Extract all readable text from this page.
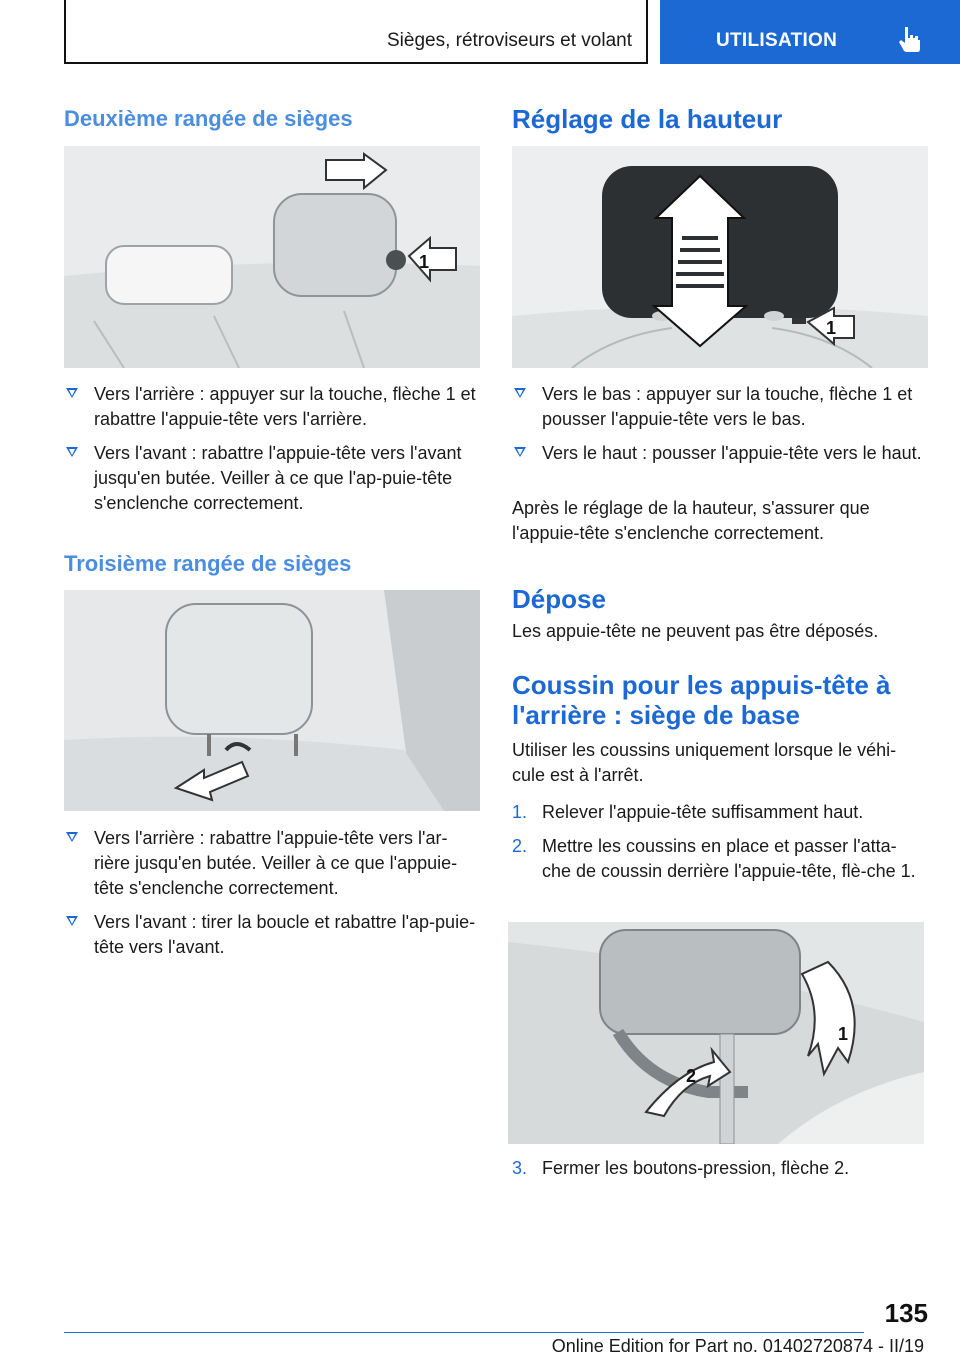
Sièges, rétroviseurs et volant	UTILISATION
Deuxième rangée de sièges
1
Vers l'arrière : appuyer sur la touche, flèche 1 et rabattre l'appuie-tête vers l'arrière.
Vers l'avant : rabattre l'appuie-tête vers l'avant jusqu'en butée. Veiller à ce que l'ap-puie-tête s'enclenche correctement.
Troisième rangée de sièges
Vers l'arrière : rabattre l'appuie-tête vers l'ar-rière jusqu'en butée. Veiller à ce que l'appuie-tête s'enclenche correctement.
Vers l'avant : tirer la boucle et rabattre l'ap-puie-tête vers l'avant.
Réglage de la hauteur
1
Vers le bas : appuyer sur la touche, flèche 1 et pousser l'appuie-tête vers le bas.
Vers le haut : pousser l'appuie-tête vers le haut.

Après le réglage de la hauteur, s'assurer que l'appuie-tête s'enclenche correctement.

Dépose

Les appuie-tête ne peuvent pas être déposés.

Coussin pour les appuis-tête à l'arrière : siège de base

Utiliser les coussins uniquement lorsque le véhi-cule est à l'arrêt.

1. Relever l'appuie-tête suffisamment haut.
2. Mettre les coussins en place et passer l'atta-che de coussin derrière l'appuie-tête, flè-che 1.
1
2
3. Fermer les boutons-pression, flèche 2.
135
Online Edition for Part no. 01402720874 - II/19
